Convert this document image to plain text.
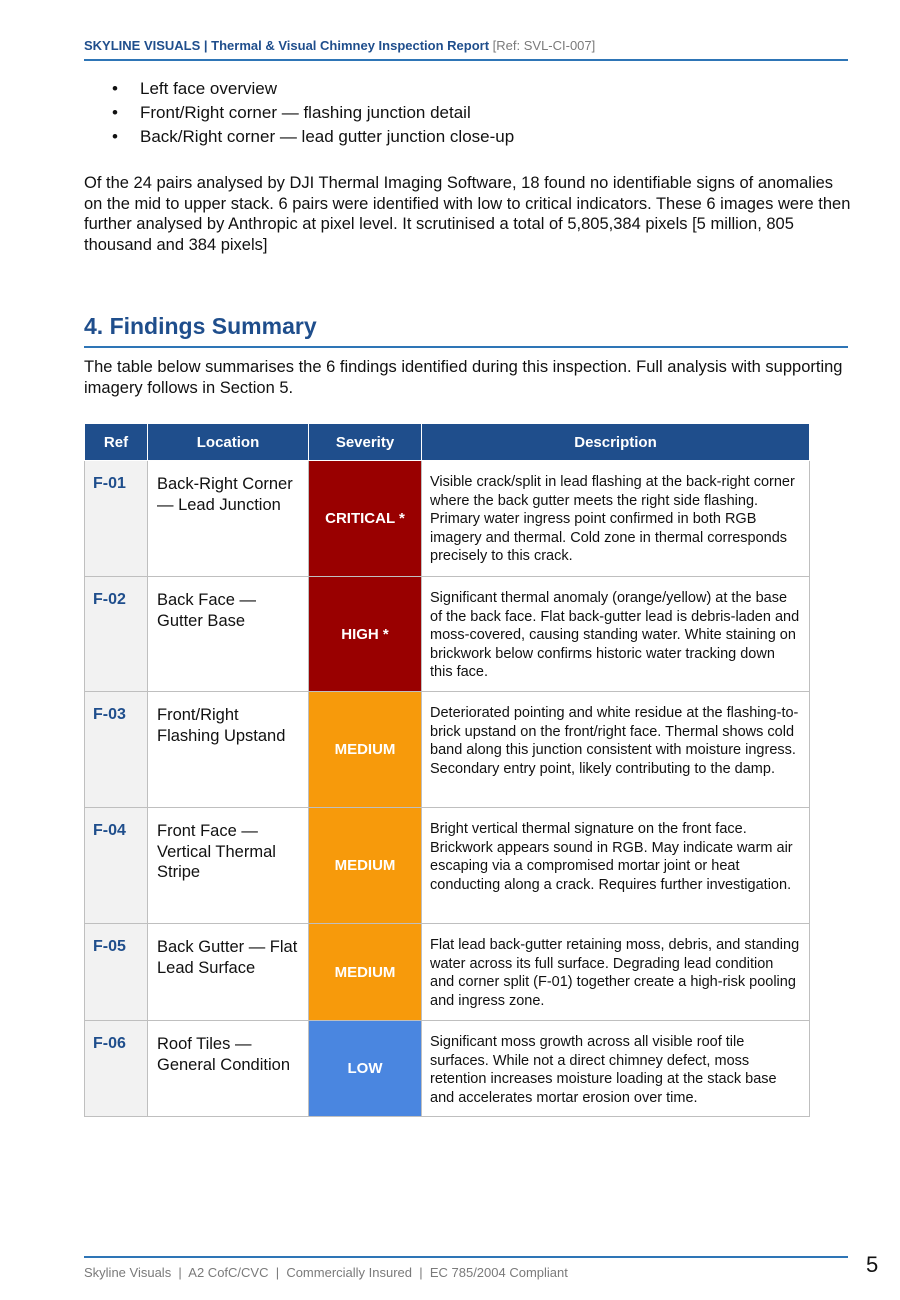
SKYLINE VISUALS | Thermal & Visual Chimney Inspection Report [Ref: SVL-CI-007]
• Left face overview
• Front/Right corner — flashing junction detail
• Back/Right corner — lead gutter junction close-up

Of the 24 pairs analysed by DJI Thermal Imaging Software, 18 found no identifiable signs of anomalies on the mid to upper stack. 6 pairs were identified with low to critical indicators. These 6 images were then further analysed by Anthropic at pixel level. It scrutinised a total of 5,805,384 pixels [5 million, 805 thousand and 384 pixels]

4. Findings Summary

The table below summarises the 6 findings identified during this inspection. Full analysis with supporting imagery follows in Section 5.

Ref	Location	Severity	Description

F-01	Back-Right Corner — Lead Junction	CRITICAL *	Visible crack/split in lead flashing at the back-right corner where the back gutter meets the right side flashing. Primary water ingress point confirmed in both RGB imagery and thermal. Cold zone in thermal corresponds precisely to this crack.

F-02	Back Face — Gutter Base	HIGH *	Significant thermal anomaly (orange/yellow) at the base of the back face. Flat back-gutter lead is debris-laden and moss-covered, causing standing water. White staining on brickwork below confirms historic water tracking down this face.

F-03	Front/Right Flashing Upstand	MEDIUM	Deteriorated pointing and white residue at the flashing-to-brick upstand on the front/right face. Thermal shows cold band along this junction consistent with moisture ingress. Secondary entry point, likely contributing to the damp.

F-04	Front Face — Vertical Thermal Stripe	MEDIUM	Bright vertical thermal signature on the front face. Brickwork appears sound in RGB. May indicate warm air escaping via a compromised mortar joint or heat conducting along a crack. Requires further investigation.

F-05	Back Gutter — Flat Lead Surface	MEDIUM	Flat lead back-gutter retaining moss, debris, and standing water across its full surface. Degrading lead condition and corner split (F-01) together create a high-risk pooling and ingress zone.

F-06	Roof Tiles — General Condition	LOW	Significant moss growth across all visible roof tile surfaces. While not a direct chimney defect, moss retention increases moisture loading at the stack base and accelerates mortar erosion over time.
Skyline Visuals  |  A2 CofC/CVC  |  Commercially Insured  |  EC 785/2004 Compliant	5
